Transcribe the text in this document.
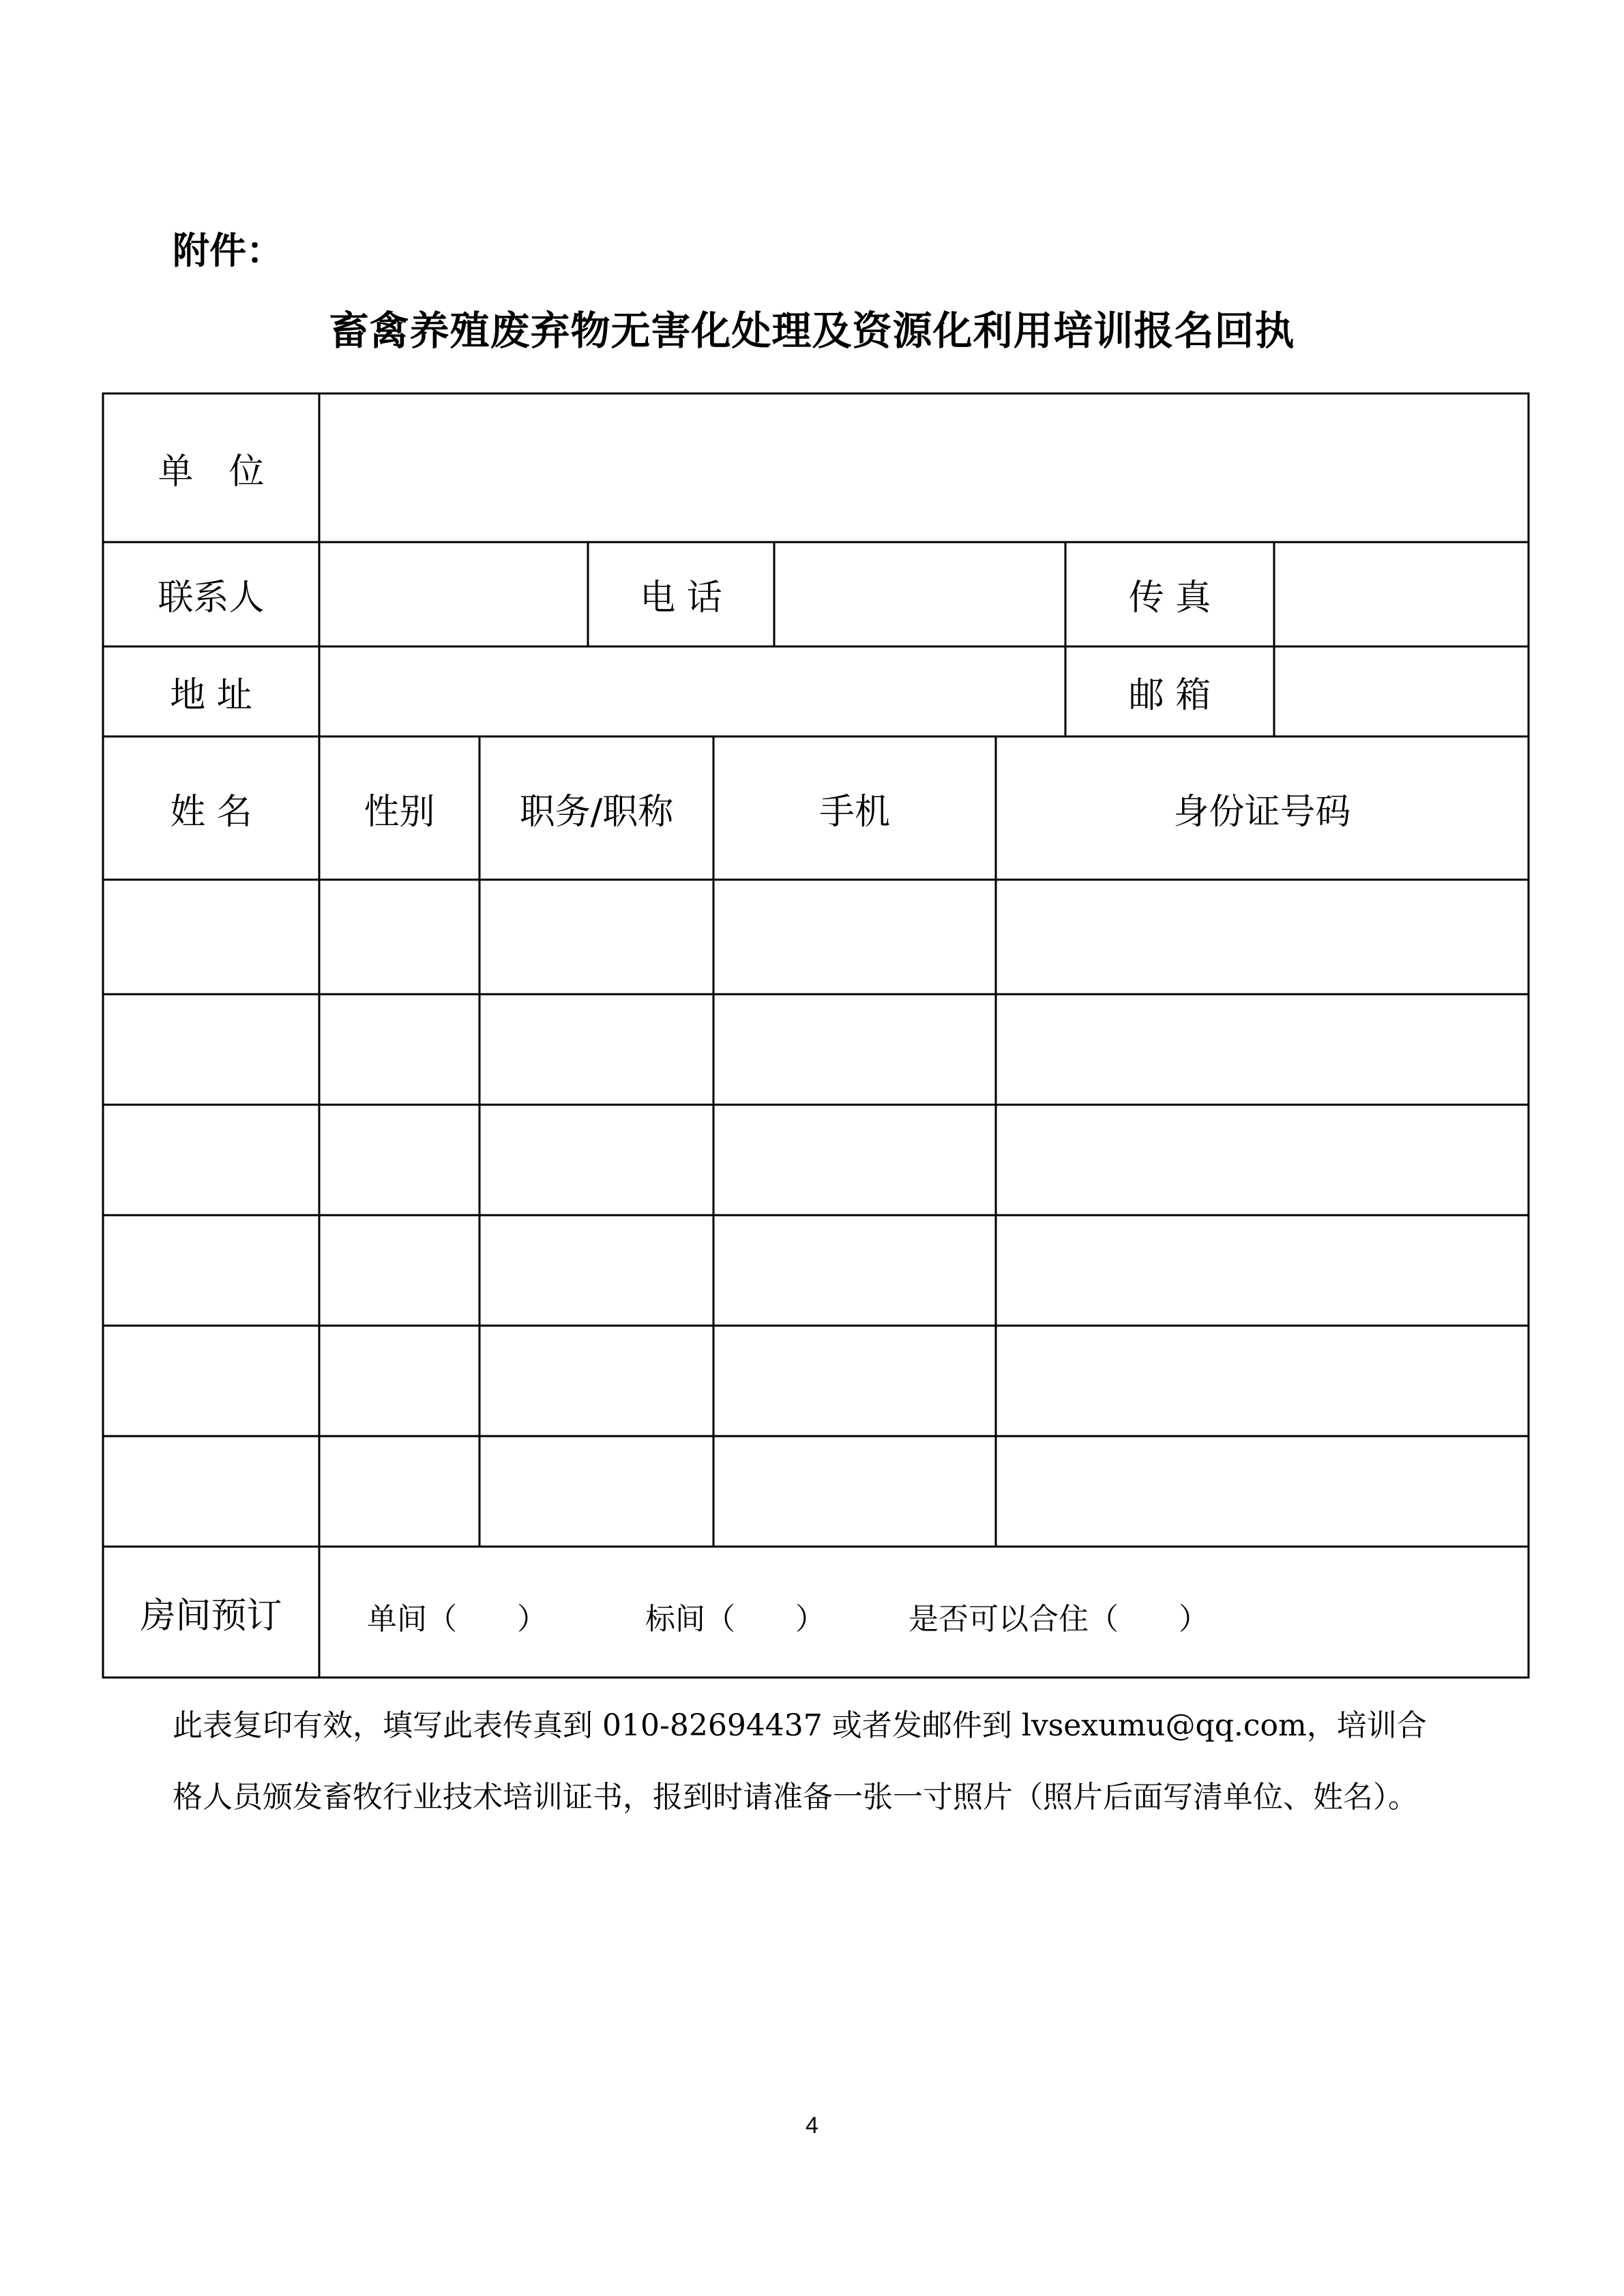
附件：
畜禽养殖废弃物无害化处理及资源化利用培训报名回执
单　位
联系人	电 话	传 真
地 址	邮 箱
姓 名	性别	职务/职称	手机	身份证号码
房间预订	单间（　　）	标间（　　）	是否可以合住（　　）
此表复印有效，填写此表传真到 010-82694437 或者发邮件到 lvsexumu@qq.com，培训合格人员颁发畜牧行业技术培训证书，报到时请准备一张一寸照片（照片后面写清单位、姓名）。
4
